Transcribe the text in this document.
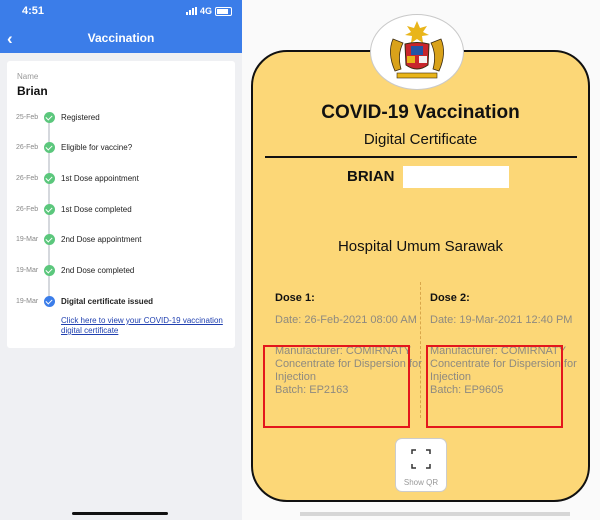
4:51	4G
‹	Vaccination
Name
Brian
25-Feb	Registered
26-Feb	Eligible for vaccine?
26-Feb	1st Dose appointment
26-Feb	1st Dose completed
19-Mar	2nd Dose appointment
19-Mar	2nd Dose completed
19-Mar	Digital certificate issued
Click here to view your COVID-19 vaccination digital certificate
COVID-19 Vaccination
Digital Certificate
BRIAN
Hospital Umum Sarawak
Dose 1:
Date: 26-Feb-2021 08:00 AM
Manufacturer: COMIRNATY Concentrate for Dispersion for Injection
Batch: EP2163
Dose 2:
Date: 19-Mar-2021 12:40 PM
Manufacturer: COMIRNATY Concentrate for Dispersion for Injection
Batch: EP9605
Show QR
